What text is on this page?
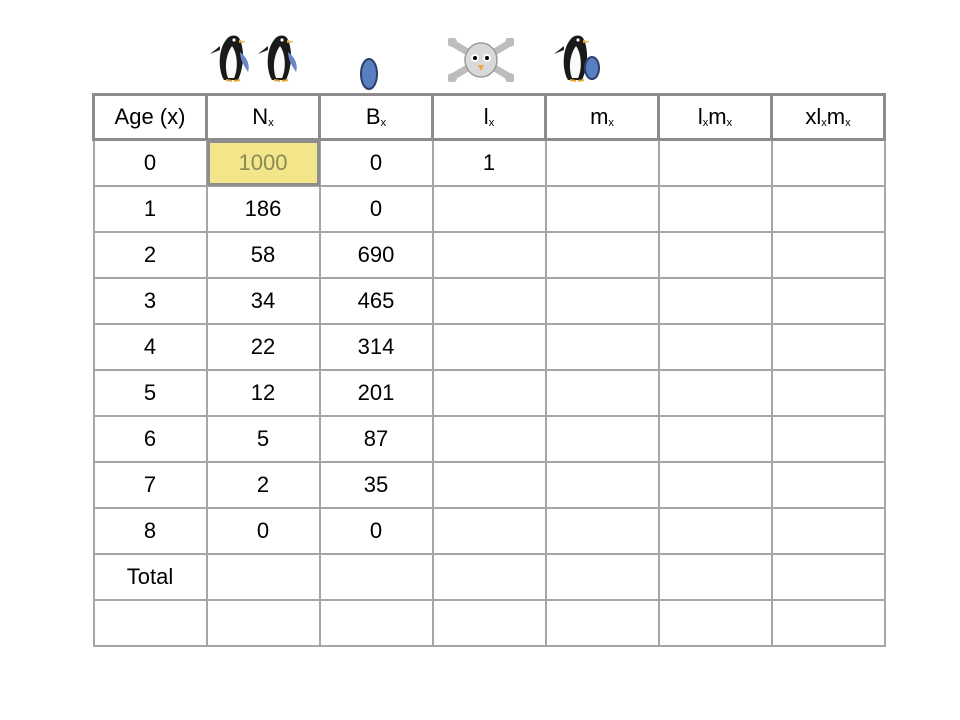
Age (x)	$N_x$	$B_x$	$l_x$	$m_x$	$l_xm_x$	$xl_xm_x$
0	1000	0	1			
1	186	0				
2	58	690				
3	34	465				
4	22	314				
5	12	201				
6	5	87				
7	2	35				
8	0	0				
Total						
